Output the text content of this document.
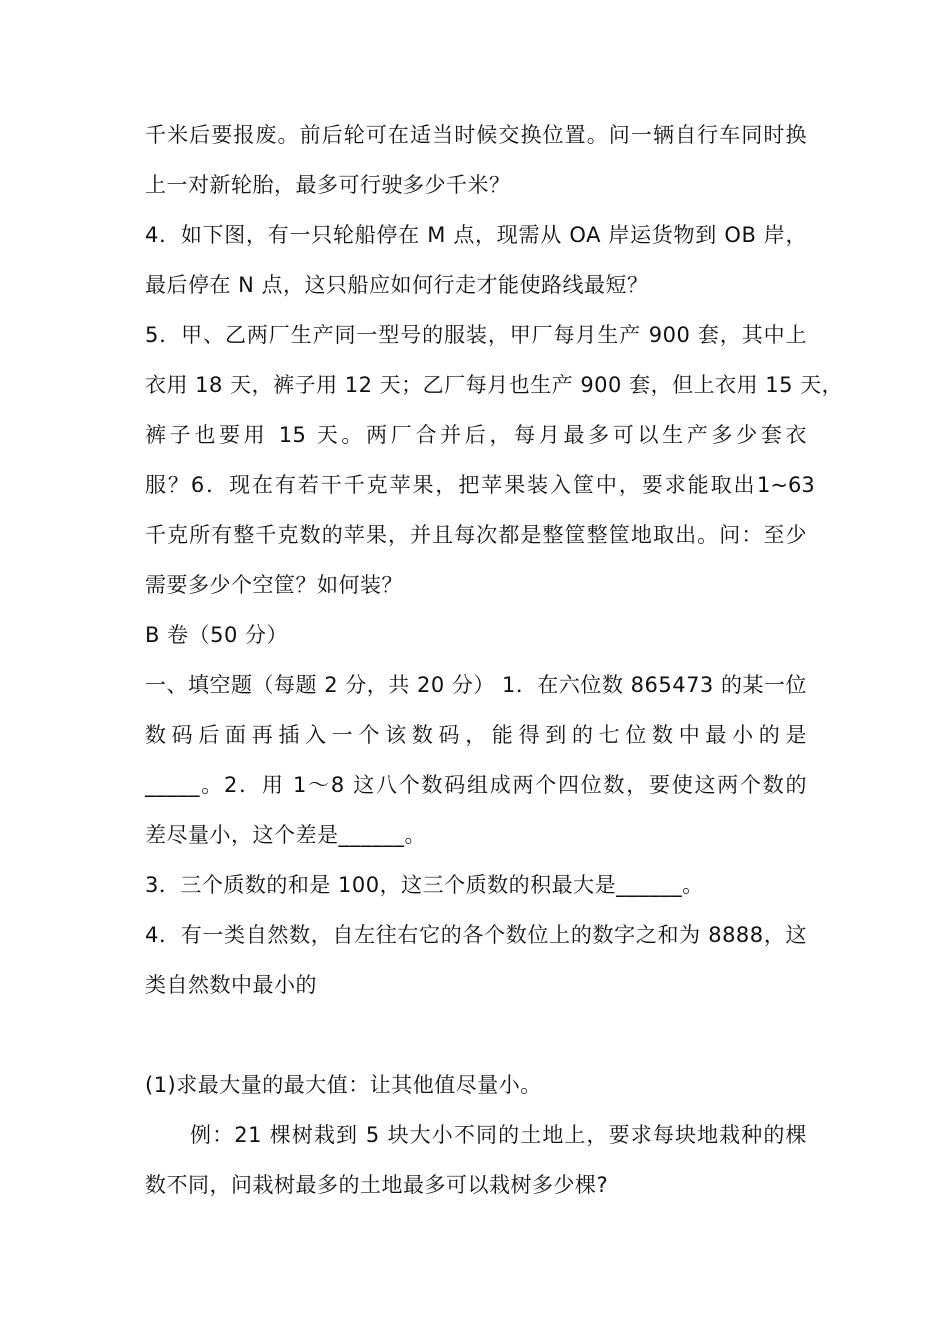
千米后要报废。前后轮可在适当时候交换位置。问一辆自行车同时换
上一对新轮胎，最多可行驶多少千米？
4．如下图，有一只轮船停在 M 点，现需从 OA 岸运货物到 OB 岸，
最后停在 N 点，这只船应如何行走才能使路线最短？
5．甲、乙两厂生产同一型号的服装，甲厂每月生产 900 套，其中上
衣用 18 天，裤子用 12 天；乙厂每月也生产 900 套，但上衣用 15 天，
裤子也要用 15 天。两厂合并后，每月最多可以生产多少套衣
服？6．现在有若干千克苹果，把苹果装入筐中，要求能取出 1~63
千克所有整千克数的苹果，并且每次都是整筐整筐地取出。问：至少
需要多少个空筐？如何装？
B 卷（50 分）
一、填空题（每题 2 分，共 20 分） 1．在六位数 865473 的某一位
数码后面再插入一个该数码，能得到的七位数中最小的是
_____。2．用 1～8 这八个数码组成两个四位数，要使这两个数的
差尽量小，这个差是______。
3．三个质数的和是 100，这三个质数的积最大是______。
4．有一类自然数，自左往右它的各个数位上的数字之和为 8888，这
类自然数中最小的
(1)求最大量的最大值：让其他值尽量小。
例：21 棵树栽到 5 块大小不同的土地上，要求每块地栽种的棵
数不同，问栽树最多的土地最多可以栽树多少棵?
